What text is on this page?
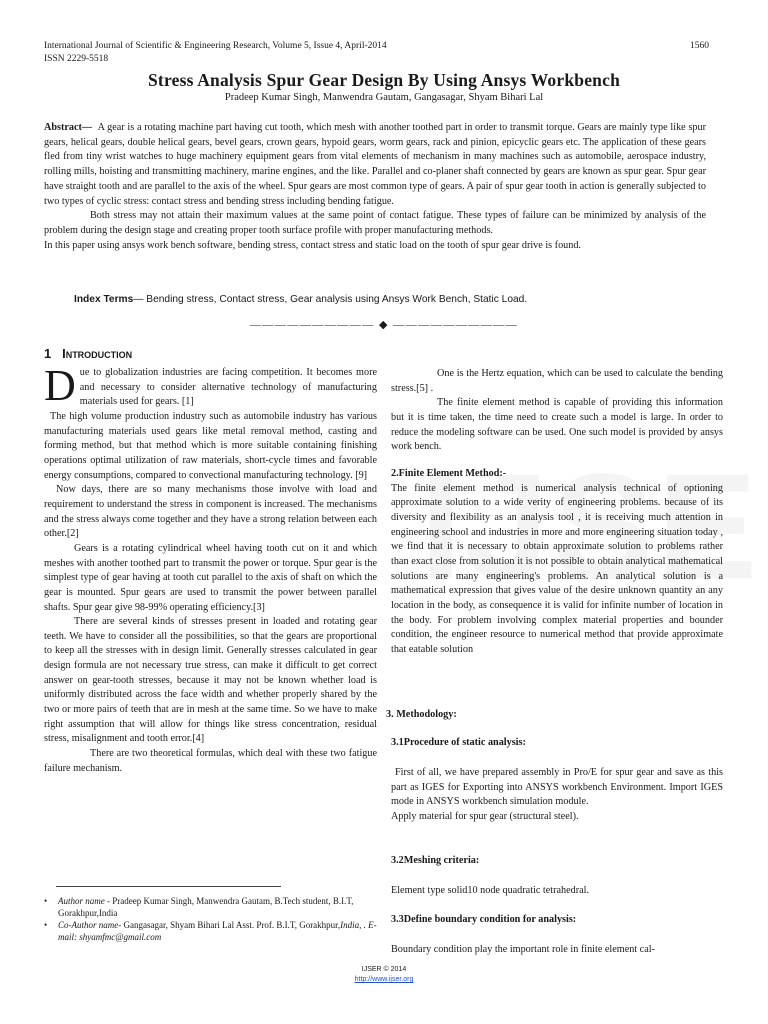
International Journal of Scientific & Engineering Research, Volume 5, Issue 4, April-2014
ISSN 2229-5518
1560
Stress Analysis Spur Gear Design By Using Ansys Workbench
Pradeep Kumar Singh, Manwendra Gautam, Gangasagar, Shyam Bihari Lal

Abstract— A gear is a rotating machine part having cut tooth, which mesh with another toothed part in order to transmit torque. Gears are mainly type like spur gears, helical gears, double helical gears, bevel gears, crown gears, hypoid gears, worm gears, rack and pinion, epicyclic gears etc. The application of these gears fled from tiny wrist watches to huge machinery equipment gears from vital elements of mechanism in many machines such as automobile, aerospace industry, rolling mills, hoisting and transmitting machinery, marine engines, and the like. Parallel and co-planer shaft connected by gears are known as spur gear. Spur gear have straight tooth and are parallel to the axis of the wheel. Spur gears are most common type of gears. A pair of spur gear tooth in action is generally subjected to two types of cyclic stress: contact stress and bending stress including bending fatigue.

Both stress may not attain their maximum values at the same point of contact fatigue. These types of failure can be minimized by analysis of the problem during the design stage and creating proper tooth surface profile with proper manufacturing methods.

In this paper using ansys work bench software, bending stress, contact stress and static load on the tooth of spur gear drive is found.

Index Terms— Bending stress, Contact stress, Gear analysis using Ansys Work Bench, Static Load.
—————————— ◆ ——————————
1 Introduction

Due to globalization industries are facing competition. It becomes more and necessary to consider alternative technology of manufacturing materials used for gears. [1]

The high volume production industry such as automobile industry has various manufacturing materials used gears like metal removal method, casting and forming method, but that method which is more suitable containing finishing operations optimal utilization of raw materials, short-cycle times and favorable energy consumptions, compared to convectional manufacturing technology. [9]

Now days, there are so many mechanisms those involve with load and requirement to understand the stress in component is increased. The mechanisms and the stress always come together and they have a strong relation between each other.[2]

Gears is a rotating cylindrical wheel having tooth cut on it and which meshes with another toothed part to transmit the power or torque. Spur gear is the simplest type of gear having at tooth cut parallel to the axis of shaft on which the gear is mounted. Spur gears are used to transmit the power between parallel shafts. Spur gear give 98-99% operating efficiency.[3]

There are several kinds of stresses present in loaded and rotating gear teeth. We have to consider all the possibilities, so that the gears are proportional to keep all the stresses with in design limit. Generally stresses calculated in gear design formula are not necessary true stress, can make it difficult to get correct answer on gear-tooth stresses, because it may not be known whether load is uniformly distributed across the face width and whether properly shared by the two or more pairs of teeth that are in mesh at the same time. So we have to make right assumption that will allow for things like stress concentration, residual stress, misalignment and tooth error.[4]

There are two theoretical formulas, which deal with these two fatigue failure mechanism.

•	Author name - Pradeep Kumar Singh, Manwendra Gautam, B.Tech student, B.I.T, Gorakhpur,India
•	Co-Author name- Gangasagar, Shyam Bihari Lal Asst. Prof. B.I.T, Gorakhpur,India, . E-mail: shyamfmc@gmail.com

One is the Hertz equation, which can be used to calculate the bending stress.[5] .

The finite element method is capable of providing this information but it is time taken, the time need to create such a model is large. In order to reduce the modeling software can be used. One such model is provided by ansys work bench.

2.Finite Element Method:-

The finite element method is numerical analysis technical of optioning approximate solution to a wide verity of engineering problems. because of its diversity and flexibility as an analysis tool , it is receiving much attention in engineering school and industries in more and more engineering situation today , we find that it is necessary to obtain approximate solution to problems rather than exact close from solution it is not possible to obtain analytical mathematical solutions are many engineering's problems. An analytical solution is a mathematical expression that gives value of the desire unknown quantity an any location in the body, as consequence it is valid for infinite number of location in the body. For problem involving complex material properties and bounder condition, the engineer resource to numerical method that provide approximate that eatable solution

3. Methodology:
3.1Procedure of static analysis:

First of all, we have prepared assembly in Pro/E for spur gear and save as this part as IGES for Exporting into ANSYS workbench Environment. Import IGES mode in ANSYS workbench simulation module.

Apply material for spur gear (structural steel).

3.2Meshing criteria:
Element type solid10 node quadratic tetrahedral.
3.3Define boundary condition for analysis:
Boundary condition play the important role in finite element cal-
IJSER © 2014
http://www.ijser.org
